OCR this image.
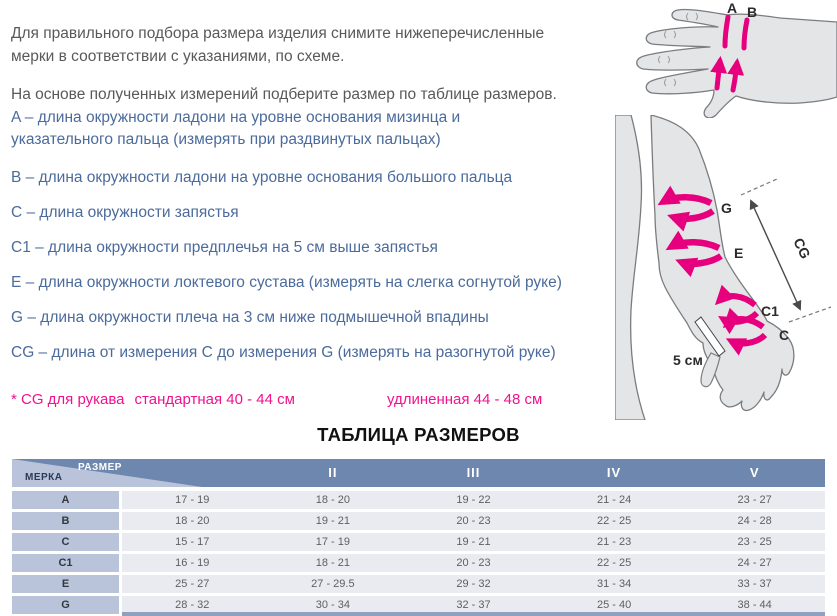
Для правильного подбора размера изделия снимите нижеперечисленные мерки в соответствии с указаниями, по схеме.

На основе полученных измерений подберите размер по таблице размеров.

A – длина окружности ладони на уровне основания мизинца и указательного пальца (измерять при раздвинутых пальцах)
B – длина окружности ладони на уровне основания большого пальца
C – длина окружности запястья
C1 – длина окружности предплечья на 5 см выше запястья
E – длина окружности локтевого сустава (измерять на слегка согнутой руке)
G – длина окружности плеча на 3 см ниже подмышечной впадины
CG – длина от измерения C до измерения G (измерять на разогнутой руке)
* CG для рукава стандартная 40 - 44 см	удлиненная 44 - 48 см
ТАБЛИЦА РАЗМЕРОВ
II	III	IV	V
РАЗМЕР
МЕРКА
A	17 - 19	18 - 20	19 - 22	21 - 24	23 - 27
B	18 - 20	19 - 21	20 - 23	22 - 25	24 - 28
C	15 - 17	17 - 19	19 - 21	21 - 23	23 - 25
C1	16 - 19	18 - 21	20 - 23	22 - 25	24 - 27
E	25 - 27	27 - 29.5	29 - 32	31 - 34	33 - 37
G	28 - 32	30 - 34	32 - 37	25 - 40	38 - 44
A B
G
E
C1
C
CG
5 см
